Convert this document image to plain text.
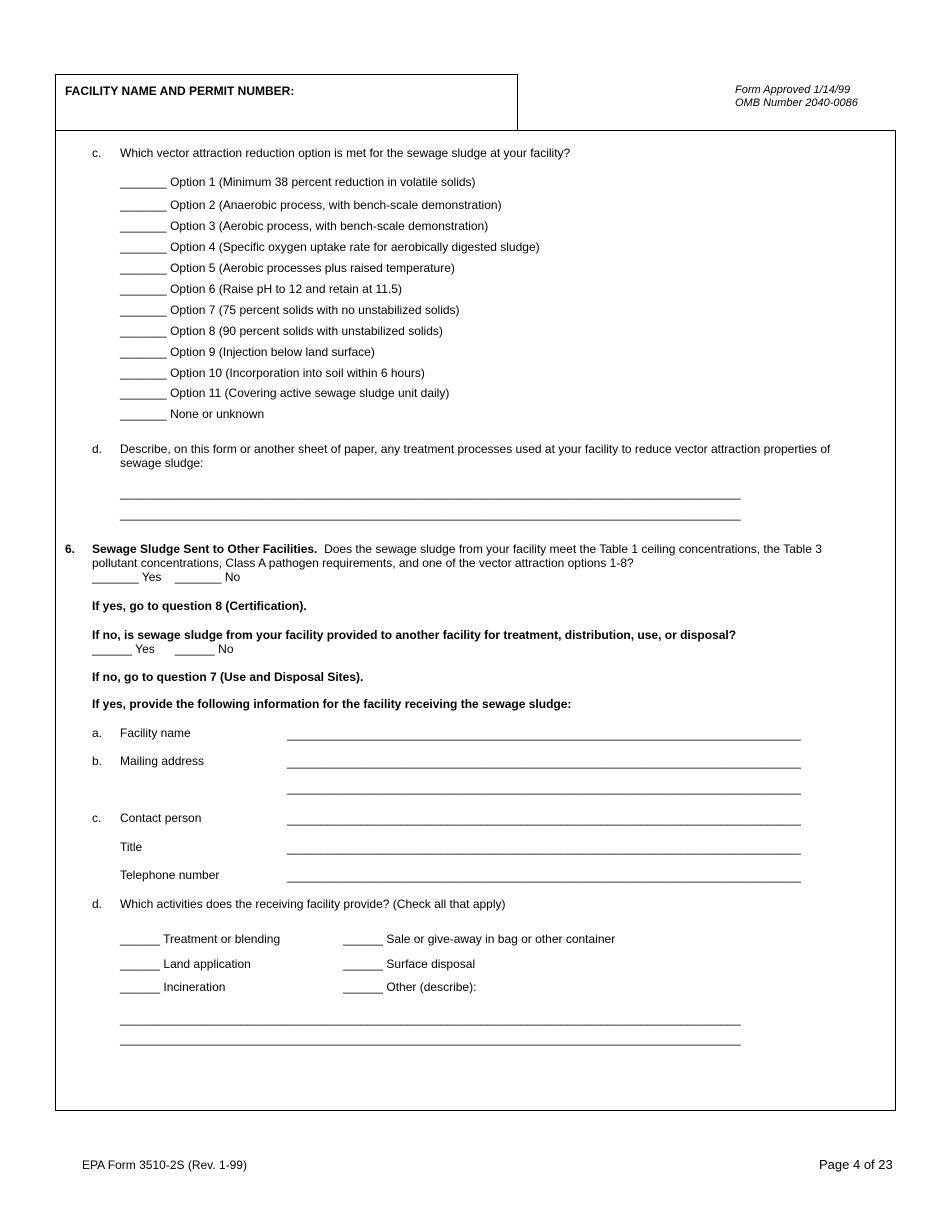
FACILITY NAME AND PERMIT NUMBER:	Form Approved 1/14/99
OMB Number 2040-0086
c. Which vector attraction reduction option is met for the sewage sludge at your facility?
_______ Option 1 (Minimum 38 percent reduction in volatile solids)
_______ Option 2 (Anaerobic process, with bench-scale demonstration)
_______ Option 3 (Aerobic process, with bench-scale demonstration)
_______ Option 4 (Specific oxygen uptake rate for aerobically digested sludge)
_______ Option 5 (Aerobic processes plus raised temperature)
_______ Option 6 (Raise pH to 12 and retain at 11.5)
_______ Option 7 (75 percent solids with no unstabilized solids)
_______ Option 8 (90 percent solids with unstabilized solids)
_______ Option 9 (Injection below land surface)
_______ Option 10 (Incorporation into soil within 6 hours)
_______ Option 11 (Covering active sewage sludge unit daily)
_______ None or unknown
d. Describe, on this form or another sheet of paper, any treatment processes used at your facility to reduce vector attraction properties of sewage sludge:
_____________________________________________________________________________________________
_____________________________________________________________________________________________
6. Sewage Sludge Sent to Other Facilities. Does the sewage sludge from your facility meet the Table 1 ceiling concentrations, the Table 3 pollutant concentrations, Class A pathogen requirements, and one of the vector attraction options 1-8?
_______ Yes _______ No
If yes, go to question 8 (Certification).
If no, is sewage sludge from your facility provided to another facility for treatment, distribution, use, or disposal?
______ Yes ______ No
If no, go to question 7 (Use and Disposal Sites).
If yes, provide the following information for the facility receiving the sewage sludge:
a. Facility name	_____________________________________________________________________________
b. Mailing address	_____________________________________________________________________________
_____________________________________________________________________________
c. Contact person	_____________________________________________________________________________
Title	_____________________________________________________________________________
Telephone number	_____________________________________________________________________________
d. Which activities does the receiving facility provide? (Check all that apply)
______ Treatment or blending	______ Sale or give-away in bag or other container
______ Land application	______ Surface disposal
______ Incineration	______ Other (describe):
_____________________________________________________________________________________________
_____________________________________________________________________________________________
EPA Form 3510-2S (Rev. 1-99)	Page 4 of 23
